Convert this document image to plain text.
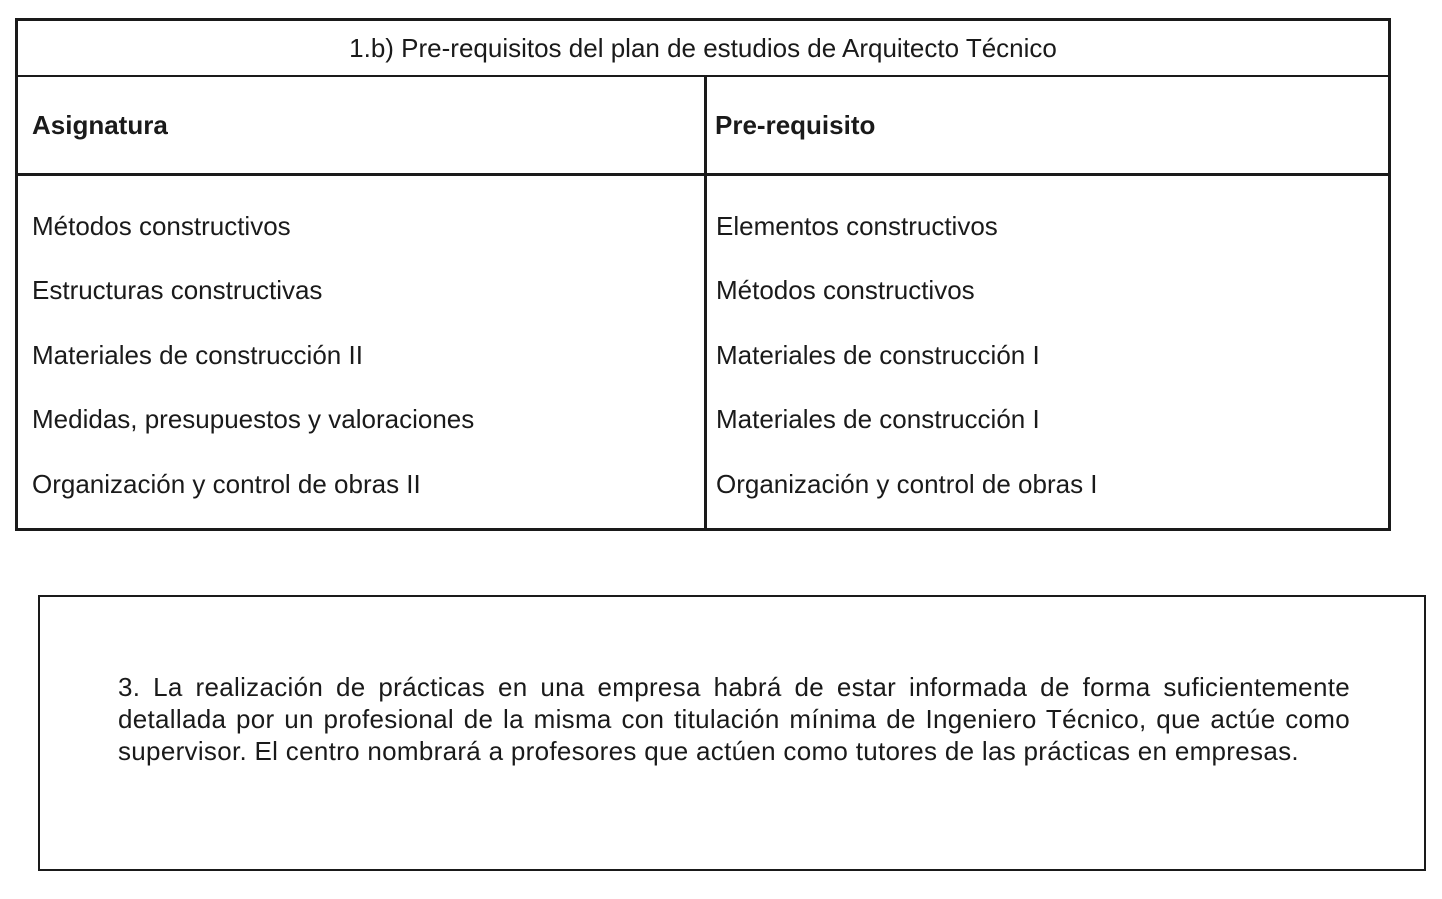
1.b) Pre-requisitos del plan de estudios de Arquitecto Técnico
Asignatura	Pre-requisito
Métodos constructivos	Elementos constructivos
Estructuras constructivas	Métodos constructivos
Materiales de construcción II	Materiales de construcción I
Medidas, presupuestos y valoraciones	Materiales de construcción I
Organización y control de obras II	Organización y control de obras I
3. La realización de prácticas en una empresa habrá de estar informada de forma suficientemente detallada por un profesional de la misma con titulación mínima de Ingeniero Técnico, que actúe como supervisor. El centro nombrará a profesores que actúen como tutores de las prácticas en empresas.
